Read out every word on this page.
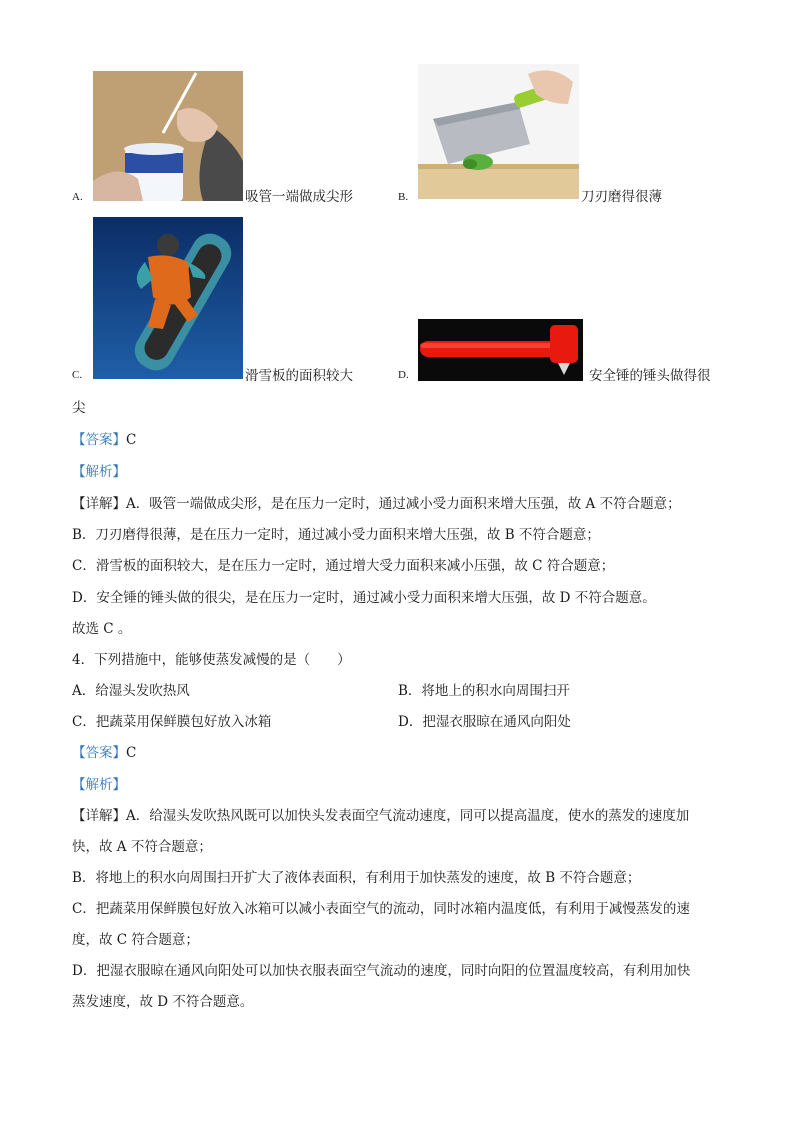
A.	吸管一端做成尖形	B.	刀刃磨得很薄
C.	滑雪板的面积较大	D.	安全锤的锤头做得很
尖
【答案】C
【解析】
【详解】A．吸管一端做成尖形，是在压力一定时，通过减小受力面积来增大压强，故 A 不符合题意；
B．刀刃磨得很薄，是在压力一定时，通过减小受力面积来增大压强，故 B 不符合题意；
C．滑雪板的面积较大，是在压力一定时，通过增大受力面积来减小压强，故 C 符合题意；
D．安全锤的锤头做的很尖，是在压力一定时，通过减小受力面积来增大压强，故 D 不符合题意。
故选 C 。
4．下列措施中，能够使蒸发减慢的是（　　）
A．给湿头发吹热风	B．将地上的积水向周围扫开
C．把蔬菜用保鲜膜包好放入冰箱	D．把湿衣服晾在通风向阳处
【答案】C
【解析】
【详解】A．给湿头发吹热风既可以加快头发表面空气流动速度，同可以提高温度，使水的蒸发的速度加
快，故 A 不符合题意；
B．将地上的积水向周围扫开扩大了液体表面积，有利用于加快蒸发的速度，故 B 不符合题意；
C．把蔬菜用保鲜膜包好放入冰箱可以减小表面空气的流动，同时冰箱内温度低，有利用于减慢蒸发的速
度，故 C 符合题意；
D．把湿衣服晾在通风向阳处可以加快衣服表面空气流动的速度，同时向阳的位置温度较高，有利用加快
蒸发速度，故 D 不符合题意。
